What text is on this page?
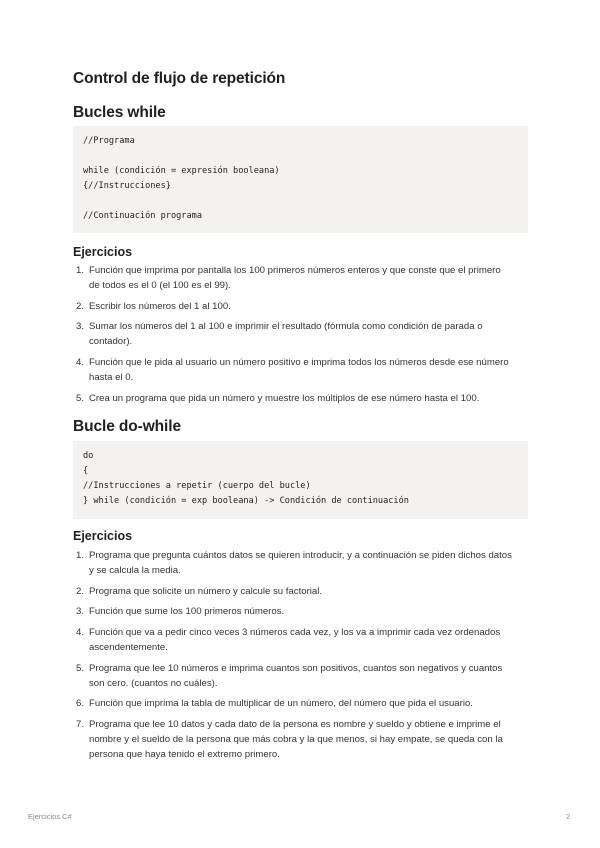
Control de flujo de repetición
Bucles while
//Programa
while (condición = expresión booleana)
{//Instrucciones}
//Continuación programa
Ejercicios
1. Función que imprima por pantalla los 100 primeros números enteros y que conste que el primero de todos es el 0 (el 100 es el 99).
2. Escribir los números del 1 al 100.
3. Sumar los números del 1 al 100 e imprimir el resultado (fórmula como condición de parada o contador).
4. Función que le pida al usuario un número positivo e imprima todos los números desde ese número hasta el 0.
5. Crea un programa que pida un número y muestre los múltiplos de ese número hasta el 100.
Bucle do-while
do
{
//Instrucciones a repetir (cuerpo del bucle)
} while (condición = exp booleana) -> Condición de continuación
Ejercicios
1. Programa que pregunta cuántos datos se quieren introducir, y a continuación se piden dichos datos y se calcula la media.
2. Programa que solicite un número y calcule su factorial.
3. Función que sume los 100 primeros números.
4. Función que va a pedir cinco veces 3 números cada vez, y los va a imprimir cada vez ordenados ascendentemente.
5. Programa que lee 10 números e imprima cuantos son positivos, cuantos son negativos y cuantos son cero. (cuantos no cuáles).
6. Función que imprima la tabla de multiplicar de un número, del número que pida el usuario.
7. Programa que lee 10 datos y cada dato de la persona es nombre y sueldo y obtiene e imprime el nombre y el sueldo de la persona que más cobra y la que menos, si hay empate, se queda con la persona que haya tenido el extremo primero.
Ejercicios C#	2
